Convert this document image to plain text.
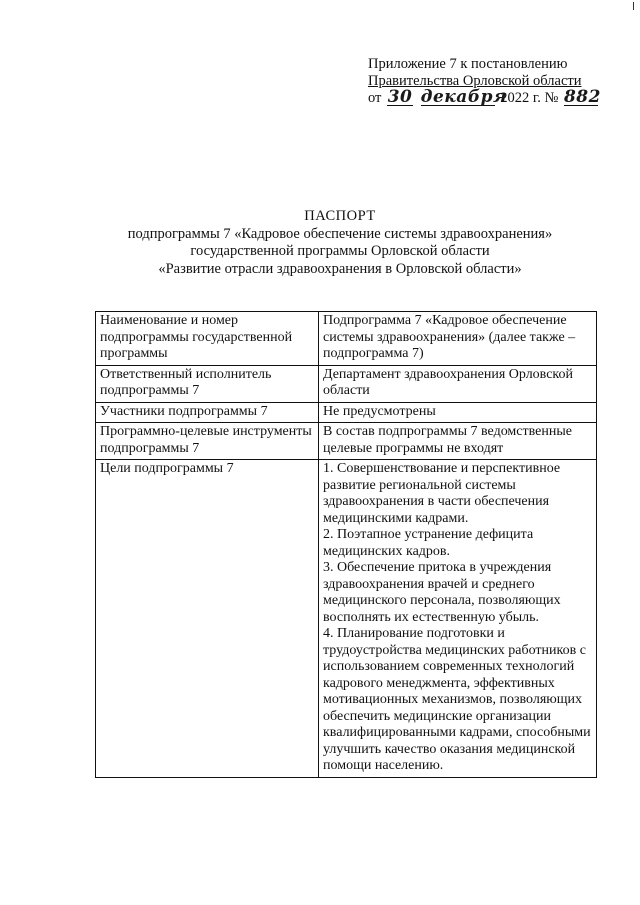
Приложение 7 к постановлению
Правительства Орловской области
от 30 декабря 2022 г. № 882
ПАСПОРТ
подпрограммы 7 «Кадровое обеспечение системы здравоохранения»
государственной программы Орловской области
«Развитие отрасли здравоохранения в Орловской области»
Наименование и номер подпрограммы государственной программы	Подпрограмма 7 «Кадровое обеспечение системы здравоохранения» (далее также – подпрограмма 7)
Ответственный исполнитель подпрограммы 7	Департамент здравоохранения Орловской области
Участники подпрограммы 7	Не предусмотрены
Программно-целевые инструменты подпрограммы 7	В состав подпрограммы 7 ведомственные целевые программы не входят
Цели подпрограммы 7	1. Совершенствование и перспективное развитие региональной системы здравоохранения в части обеспечения медицинскими кадрами.
2. Поэтапное устранение дефицита медицинских кадров.
3. Обеспечение притока в учреждения здравоохранения врачей и среднего медицинского персонала, позволяющих восполнять их естественную убыль.
4. Планирование подготовки и трудоустройства медицинских работников с использованием современных технологий кадрового менеджмента, эффективных мотивационных механизмов, позволяющих обеспечить медицинские организации квалифицированными кадрами, способными улучшить качество оказания медицинской помощи населению.
